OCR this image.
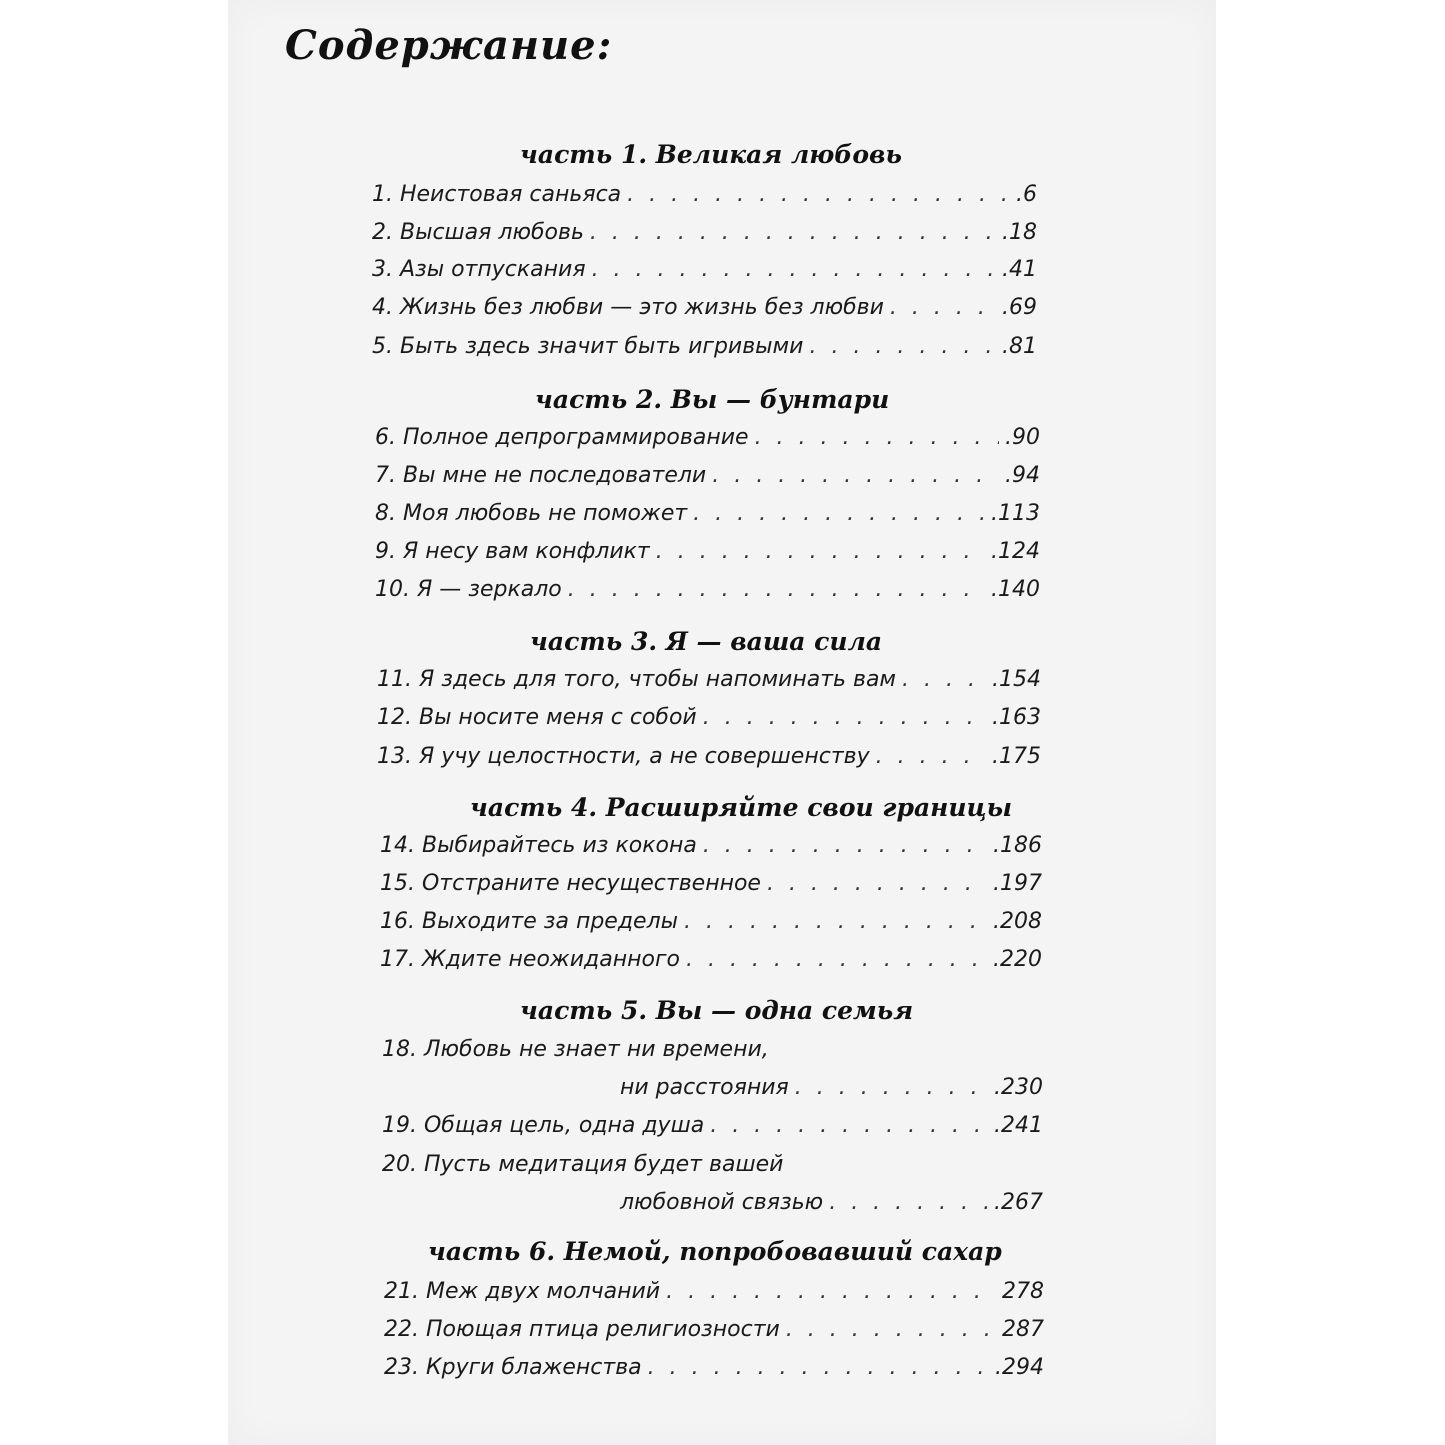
Содержание:
часть 1. Великая любовь
часть 2. Вы — бунтари
часть 3. Я — ваша сила
часть 4. Расширяйте свои границы
часть 5. Вы — одна семья
часть 6. Немой, попробовавший сахар
1. Неистовая саньяса . . .	.6
2. Высшая любовь . . .	.18
3. Азы отпускания . . .	.41
4. Жизнь без любви — это жизнь без любви . . .	.69
5. Быть здесь значит быть игривыми . . .	.81
6. Полное депрограммирование . . .	.90
7. Вы мне не последователи . . .	.94
8. Моя любовь не поможет . . .	.113
9. Я несу вам конфликт . . .	.124
10. Я — зеркало . . .	.140
11. Я здесь для того, чтобы напоминать вам . . .	.154
12. Вы носите меня с собой . . .	.163
13. Я учу целостности, а не совершенству . . .	.175
14. Выбирайтесь из кокона . . .	.186
15. Отстраните несущественное . . .	.197
16. Выходите за пределы . . .	.208
17. Ждите неожиданного . . .	.220
18. Любовь не знает ни времени,
ни расстояния . . .	.230
19. Общая цель, одна душа . . .	.241
20. Пусть медитация будет вашей
любовной связью . . .	.267
21. Меж двух молчаний . . .	278
22. Поющая птица религиозности . . .	287
23. Круги блаженства . . .	.294
